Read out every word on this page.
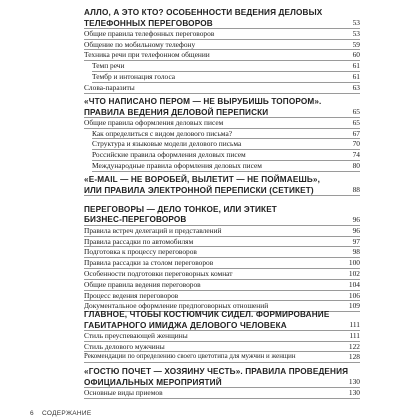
АЛЛО, А ЭТО КТО? ОСОБЕННОСТИ ВЕДЕНИЯ ДЕЛОВЫХ
ТЕЛЕФОННЫХ ПЕРЕГОВОРОВ	53
Общие правила телефонных переговоров	53
Общение по мобильному телефону	59
Техника речи при телефонном общении	60
Темп речи	61
Тембр и интонация голоса	61
Слова-паразиты	63
«ЧТО НАПИСАНО ПЕРОМ — НЕ ВЫРУБИШЬ ТОПОРОМ».
ПРАВИЛА ВЕДЕНИЯ ДЕЛОВОЙ ПЕРЕПИСКИ	65
Общие правила оформления деловых писем	65
Как определиться с видом делового письма?	67
Структура и языковые модели делового письма	70
Российские правила оформления деловых писем	74
Международные правила оформления деловых писем	80
«E-MAIL — НЕ ВОРОБЕЙ, ВЫЛЕТИТ — НЕ ПОЙМАЕШЬ»,
ИЛИ ПРАВИЛА ЭЛЕКТРОННОЙ ПЕРЕПИСКИ (СЕТИКЕТ)	88
ПЕРЕГОВОРЫ — ДЕЛО ТОНКОЕ, ИЛИ ЭТИКЕТ
БИЗНЕС-ПЕРЕГОВОРОВ	96
Правила встреч делегаций и представлений	96
Правила рассадки по автомобилям	97
Подготовка к процессу переговоров	98
Правила рассадки за столом переговоров	100
Особенности подготовки переговорных комнат	102
Общие правила ведения переговоров	104
Процесс ведения переговоров	106
Документальное оформление предпоговорных отношений	109
ГЛАВНОЕ, ЧТОБЫ КОСТЮМЧИК СИДЕЛ. ФОРМИРОВАНИЕ
ГАБИТАРНОГО ИМИДЖА ДЕЛОВОГО ЧЕЛОВЕКА	111
Стиль преуспевающей женщины	111
Стиль делового мужчины	122
Рекомендации по определению своего цветотипа для мужчин и женщин	128
«ГОСТЮ ПОЧЕТ — ХОЗЯИНУ ЧЕСТЬ». ПРАВИЛА ПРОВЕДЕНИЯ
ОФИЦИАЛЬНЫХ МЕРОПРИЯТИЙ	130
Основные виды приемов	130
6 СОДЕРЖАНИЕ
